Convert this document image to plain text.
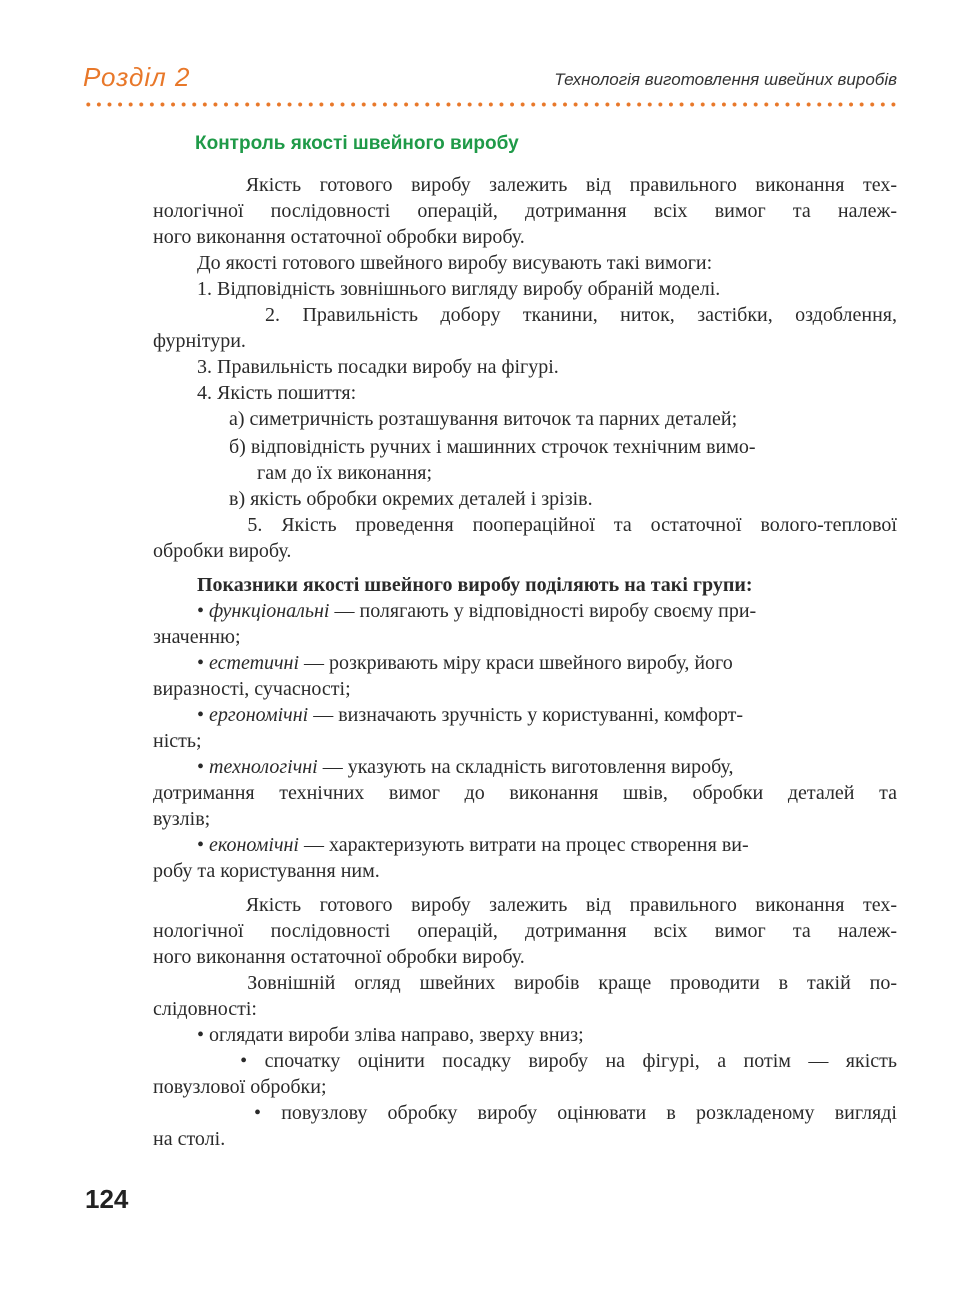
Розділ 2	Технологія виготовлення швейних виробів
Контроль якості швейного виробу
Якість готового виробу залежить від правильного виконання тех-
нологічної послідовності операцій, дотримання всіх вимог та належ-
ного виконання остаточної обробки виробу.
До якості готового швейного виробу висувають такі вимоги:
1. Відповідність зовнішнього вигляду виробу обраній моделі.
2. Правильність добору тканини, ниток, застібки, оздоблення,
фурнітури.
3. Правильність посадки виробу на фігурі.
4. Якість пошиття:
а) симетричність розташування виточок та парних деталей;
б) відповідність ручних і машинних строчок технічним вимо-
гам до їх виконання;
в) якість обробки окремих деталей і зрізів.
5. Якість проведення поопераційної та остаточної волого-теплової
обробки виробу.
Показники якості швейного виробу поділяють на такі групи:
• функціональні — полягають у відповідності виробу своєму при-
значенню;
• естетичні — розкривають міру краси швейного виробу, його
виразності, сучасності;
• ергономічні — визначають зручність у користуванні, комфорт-
ність;
• технологічні — указують на складність виготовлення виробу,
дотримання технічних вимог до виконання швів, обробки деталей та
вузлів;
• економічні — характеризують витрати на процес створення ви-
робу та користування ним.
Якість готового виробу залежить від правильного виконання тех-
нологічної послідовності операцій, дотримання всіх вимог та належ-
ного виконання остаточної обробки виробу.
Зовнішній огляд швейних виробів краще проводити в такій по-
слідовності:
• оглядати вироби зліва направо, зверху вниз;
• спочатку оцінити посадку виробу на фігурі, а потім — якість
повузлової обробки;
• повузлову обробку виробу оцінювати в розкладеному вигляді
на столі.
124
